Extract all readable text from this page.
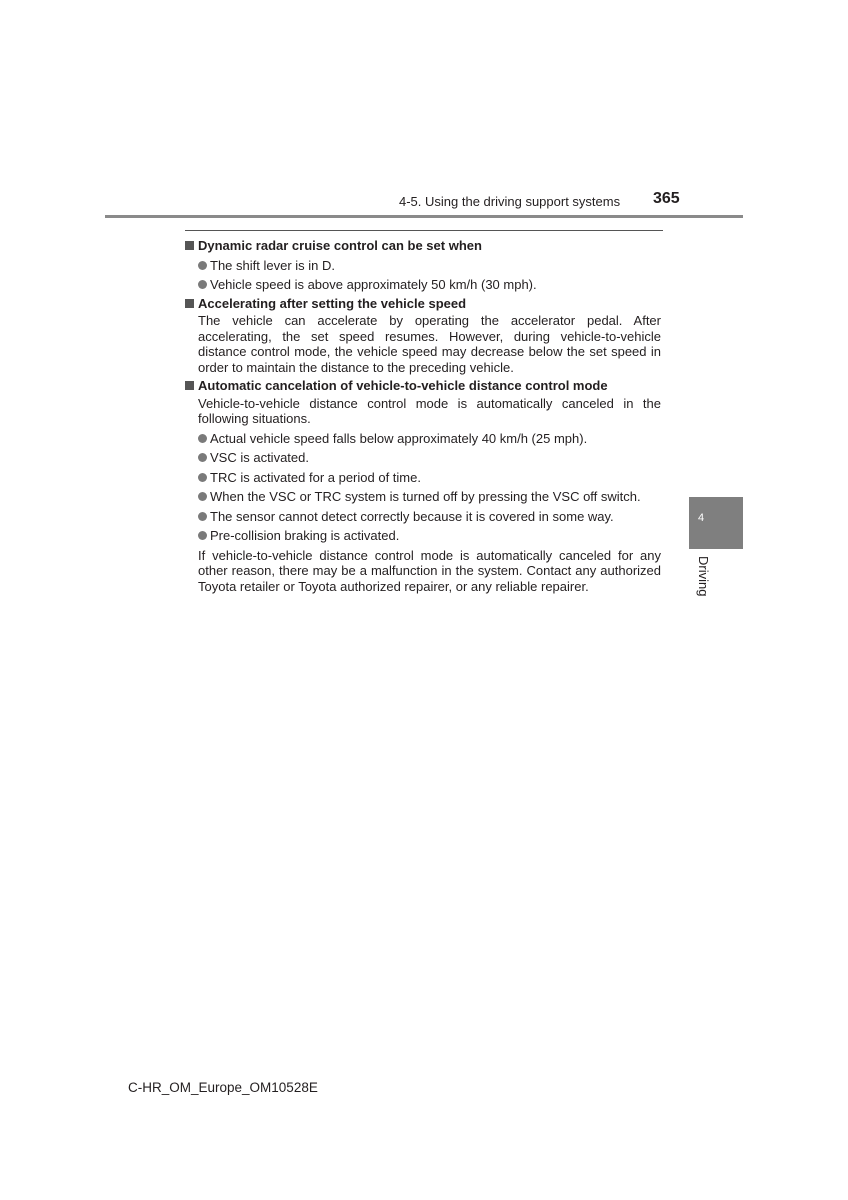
4-5. Using the driving support systems 365
Dynamic radar cruise control can be set when
The shift lever is in D.
Vehicle speed is above approximately 50 km/h (30 mph).
Accelerating after setting the vehicle speed
The vehicle can accelerate by operating the accelerator pedal. After accelerating, the set speed resumes. However, during vehicle-to-vehicle distance control mode, the vehicle speed may decrease below the set speed in order to maintain the distance to the preceding vehicle.
Automatic cancelation of vehicle-to-vehicle distance control mode
Vehicle-to-vehicle distance control mode is automatically canceled in the following situations.
Actual vehicle speed falls below approximately 40 km/h (25 mph).
VSC is activated.
TRC is activated for a period of time.
When the VSC or TRC system is turned off by pressing the VSC off switch.
The sensor cannot detect correctly because it is covered in some way.
Pre-collision braking is activated.
If vehicle-to-vehicle distance control mode is automatically canceled for any other reason, there may be a malfunction in the system. Contact any authorized Toyota retailer or Toyota authorized repairer, or any reliable repairer.
4
Driving
C-HR_OM_Europe_OM10528E
